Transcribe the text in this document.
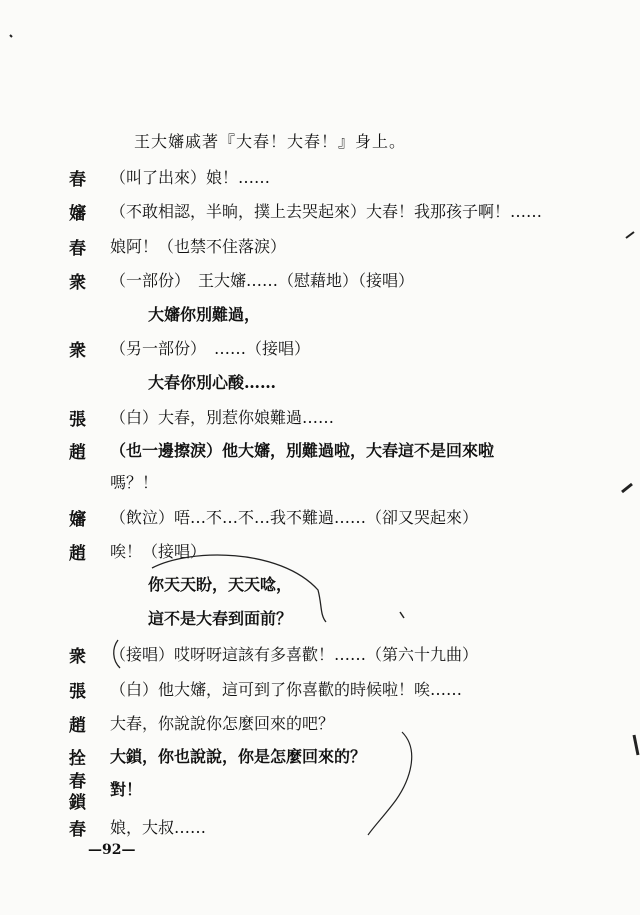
王大嬸戚著『大春！大春！』身上。
春 （叫了出來）娘！……
嬸 （不敢相認，半晌，撲上去哭起來）大春！我那孩子啊！……
春 娘阿！（也禁不住落淚）
衆 （一部份）　王大嬸……（慰藉地）（接唱）
大嬸你別難過，
衆 （另一部份）　……（接唱）
大春你別心酸……
張 （白）大春，別惹你娘難過……
趙 （也一邊擦淚）他大嬸，別難過啦，大春這不是回來啦
嗎？！
嬸 （飲泣）唔…不…不…我不難過……（卻又哭起來）
趙 唉！（接唱）
你天天盼，天天唸，
這不是大春到面前？
衆 （接唱）哎呀呀這該有多喜歡！……（第六十九曲）
張 （白）他大嬸，這可到了你喜歡的時候啦！唉……
趙 大春，你說說你怎麼回來的吧？
拴 大鎖，你也說說，你是怎麼回來的？
春 對！
鎖
春 娘，大叔……
—92—
